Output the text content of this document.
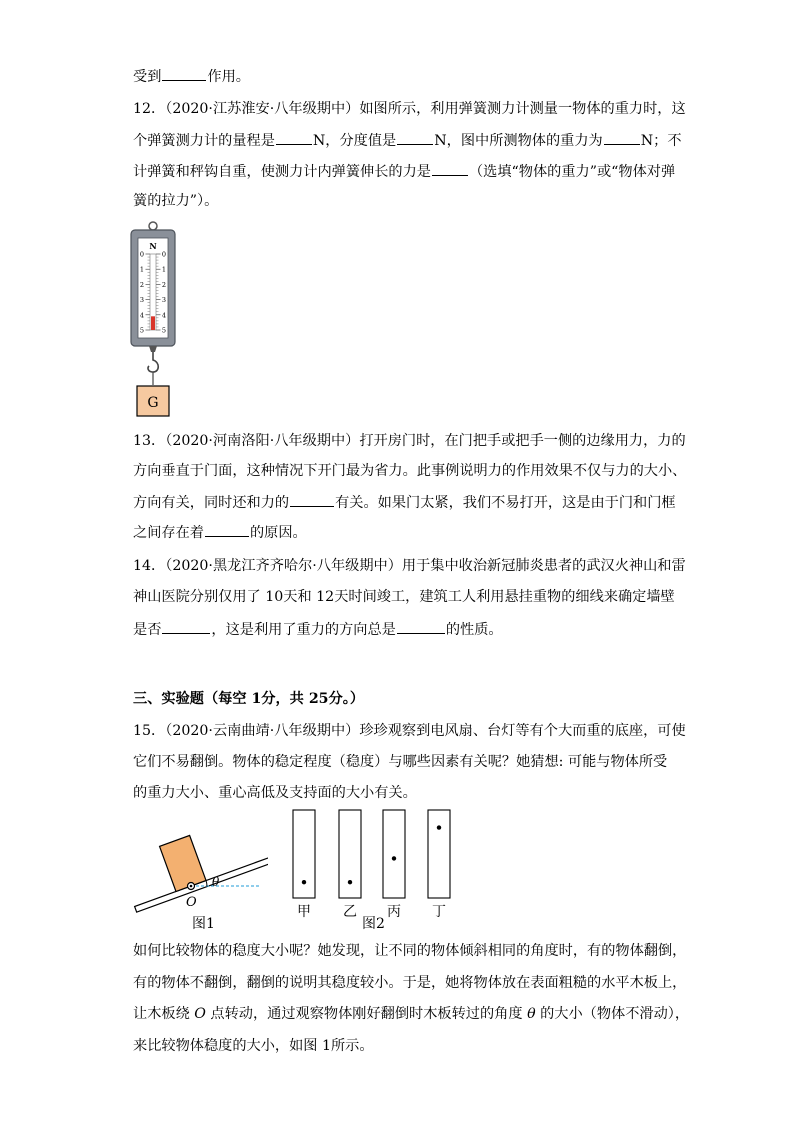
受到	作用。
12．（2020·江苏淮安·八年级期中）如图所示，利用弹簧测力计测量一物体的重力时，这
个弹簧测力计的量程是	N，分度值是	N，图中所测物体的重力为	N；不
计弹簧和秤钩自重，使测力计内弹簧伸长的力是	（选填“物体的重力”或“物体对弹
簧的拉力”）。
N
0	0
1	1
2	2
3	3
4	4
5	5
G
13．（2020·河南洛阳·八年级期中）打开房门时，在门把手或把手一侧的边缘用力，力的
方向垂直于门面，这种情况下开门最为省力。此事例说明力的作用效果不仅与力的大小、
方向有关，同时还和力的	有关。如果门太紧，我们不易打开，这是由于门和门框
之间存在着	的原因。
14．（2020·黑龙江齐齐哈尔·八年级期中）用于集中收治新冠肺炎患者的武汉火神山和雷
神山医院分别仅用了 10天和 12天时间竣工，建筑工人利用悬挂重物的细线来确定墙壁
是否	，这是利用了重力的方向总是	的性质。
三、实验题（每空 1分，共 25分。）
15．（2020·云南曲靖·八年级期中）珍珍观察到电风扇、台灯等有个大而重的底座，可使
它们不易翻倒。物体的稳定程度（稳度）与哪些因素有关呢？她猜想: 可能与物体所受
的重力大小、重心高低及支持面的大小有关。
θ
O
图1
甲 乙 丙 丁
图2
如何比较物体的稳度大小呢？她发现，让不同的物体倾斜相同的角度时，有的物体翻倒，
有的物体不翻倒，翻倒的说明其稳度较小。于是，她将物体放在表面粗糙的水平木板上，
让木板绕 O 点转动，通过观察物体刚好翻倒时木板转过的角度 θ 的大小（物体不滑动），
来比较物体稳度的大小，如图 1所示。
